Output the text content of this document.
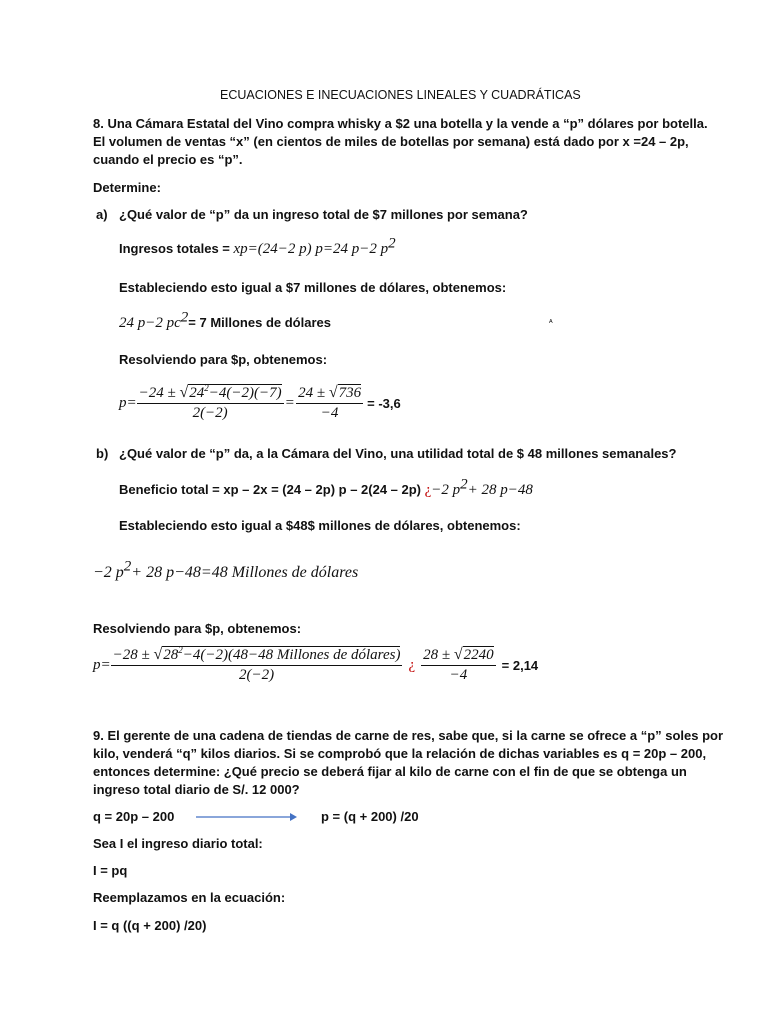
ECUACIONES E INECUACIONES LINEALES Y CUADRÁTICAS
8. Una Cámara Estatal del Vino compra whisky a $2 una botella y la vende a “p” dólares por botella.
El volumen de ventas “x” (en cientos de miles de botellas por semana) está dado por x =24 – 2p,
cuando el precio es “p”.
Determine:
a) ¿Qué valor de “p” da un ingreso total de $7 millones por semana?
Ingresos totales = xp=(24−2 p) p=24 p−2 $p^2$
Estableciendo esto igual a $7 millones de dólares, obtenemos:
24 p−2 $pc^2= 7$ Millones de dólares	ᴬ
Resolviendo para $p, obtenemos:
$p= \frac{-24 \pm √24^2-4(-2)(-7)}{2(-2)} = \frac{24 \pm √736}{-4} = -3,6$
b) ¿Qué valor de “p” da, a la Cámara del Vino, una utilidad total de $ 48 millones semanales?
Beneficio total = xp – 2x = (24 – 2p) p – 2(24 – 2p) ¿−2 $p^2+ 28$ p−48
Estableciendo esto igual a $48$ millones de dólares, obtenemos:
−2 $p^2+ 28$ p−48=48 Millones de dólares
Resolviendo para $p, obtenemos:
$p= \frac{-28 \pm √28^2-4(-2)(48-48 Millones de dólares)}{2(-2)}$ ¿ $\frac{28 \pm √2240}{-4} = 2,14$
9. El gerente de una cadena de tiendas de carne de res, sabe que, si la carne se ofrece a “p” soles por
kilo, venderá “q” kilos diarios. Si se comprobó que la relación de dichas variables es q = 20p – 200,
entonces determine: ¿Qué precio se deberá fijar al kilo de carne con el fin de que se obtenga un
ingreso total diario de S/. 12 000?
q = 20p – 200	p = (q + 200) /20
Sea I el ingreso diario total:
I = pq
Reemplazamos en la ecuación:
I = q ((q + 200) /20)
